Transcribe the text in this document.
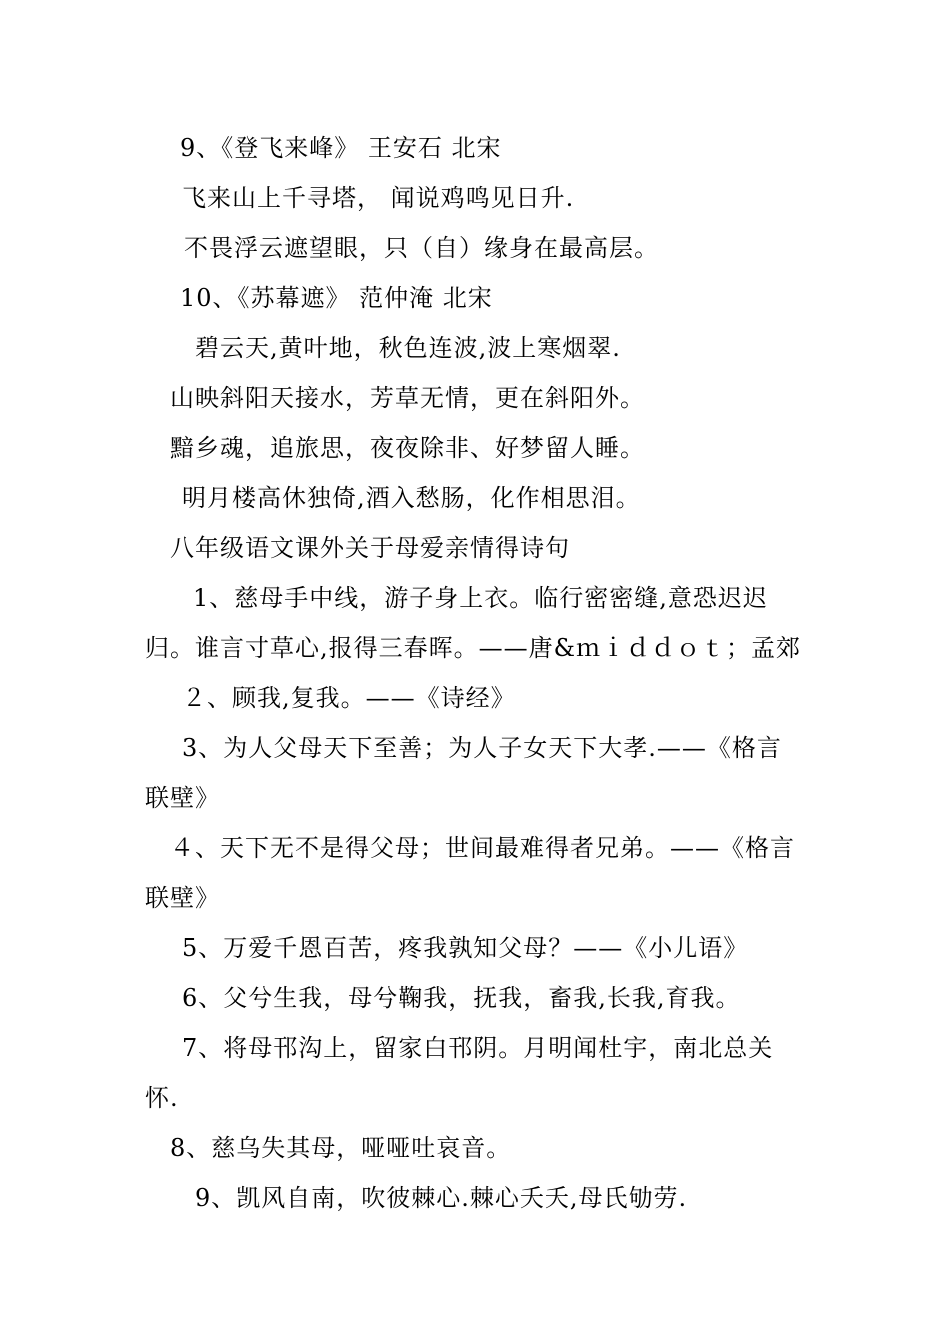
9、《登飞来峰》 王安石 北宋
飞来山上千寻塔， 闻说鸡鸣见日升.
不畏浮云遮望眼，只（自）缘身在最高层。
10、《苏幕遮》 范仲淹 北宋
碧云天,黄叶地，秋色连波,波上寒烟翠.
山映斜阳天接水，芳草无情，更在斜阳外。
黯乡魂，追旅思，夜夜除非、好梦留人睡。
明月楼高休独倚,酒入愁肠，化作相思泪。
八年级语文课外关于母爱亲情得诗句
1、慈母手中线，游子身上衣。临行密密缝,意恐迟迟
归。谁言寸草心,报得三春晖。——唐&ｍｉｄｄｏｔ；孟郊
２、顾我,复我。——《诗经》
3、为人父母天下至善；为人子女天下大孝.——《格言
联壁》
４、天下无不是得父母；世间最难得者兄弟。——《格言
联壁》
5、万爱千恩百苦，疼我孰知父母？——《小儿语》
6、父兮生我，母兮鞠我，抚我，畜我,长我,育我。
7、将母邗沟上，留家白邗阴。月明闻杜宇，南北总关
怀.
8、慈乌失其母，哑哑吐哀音。
9、凯风自南，吹彼棘心.棘心夭夭,母氏劬劳.
